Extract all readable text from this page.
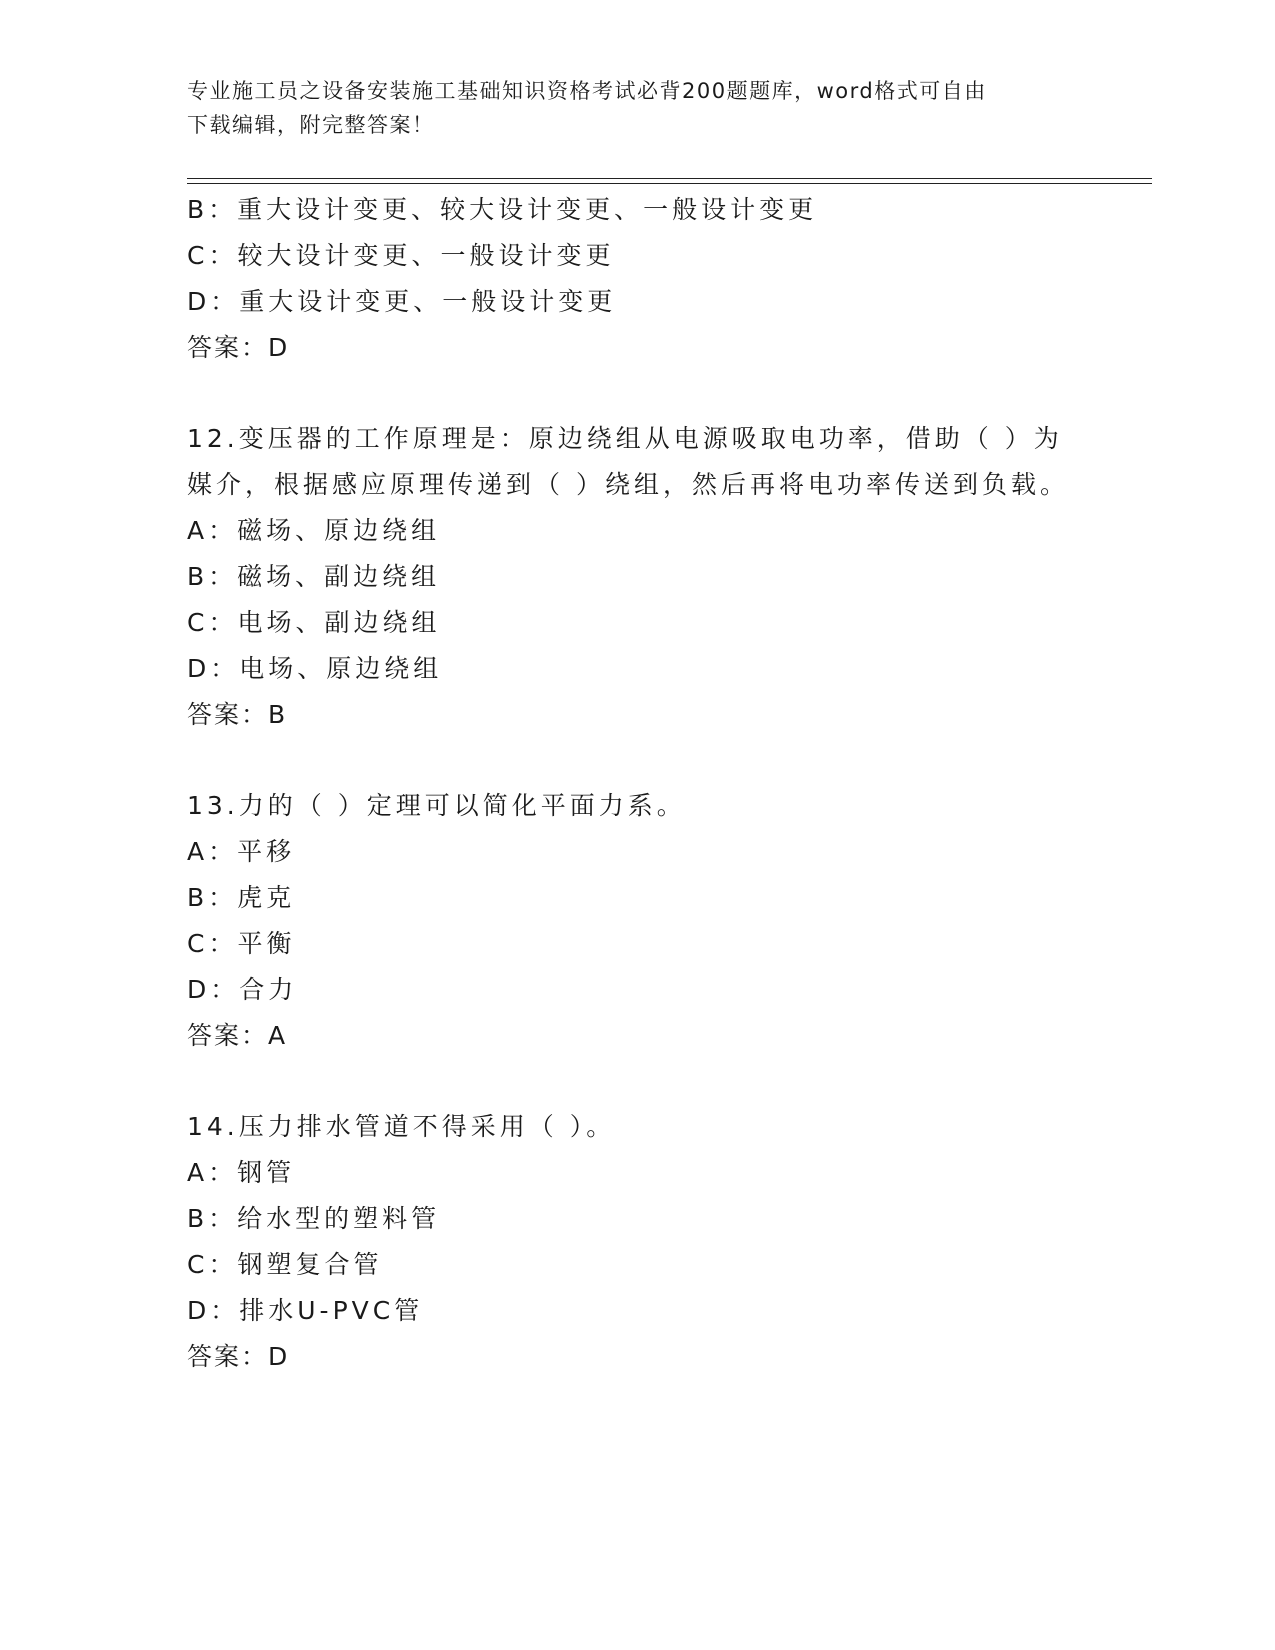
专业施工员之设备安装施工基础知识资格考试必背200题题库，word格式可自由
下载编辑，附完整答案！
B：重大设计变更、较大设计变更、一般设计变更
C：较大设计变更、一般设计变更
D：重大设计变更、一般设计变更
答案：D
12.变压器的工作原理是：原边绕组从电源吸取电功率，借助（ ）为
媒介，根据感应原理传递到（ ）绕组，然后再将电功率传送到负载。
A：磁场、原边绕组
B：磁场、副边绕组
C：电场、副边绕组
D：电场、原边绕组
答案：B
13.力的（ ）定理可以简化平面力系。
A：平移
B：虎克
C：平衡
D：合力
答案：A
14.压力排水管道不得采用（ ）。
A：钢管
B：给水型的塑料管
C：钢塑复合管
D：排水U-PVC管
答案：D
